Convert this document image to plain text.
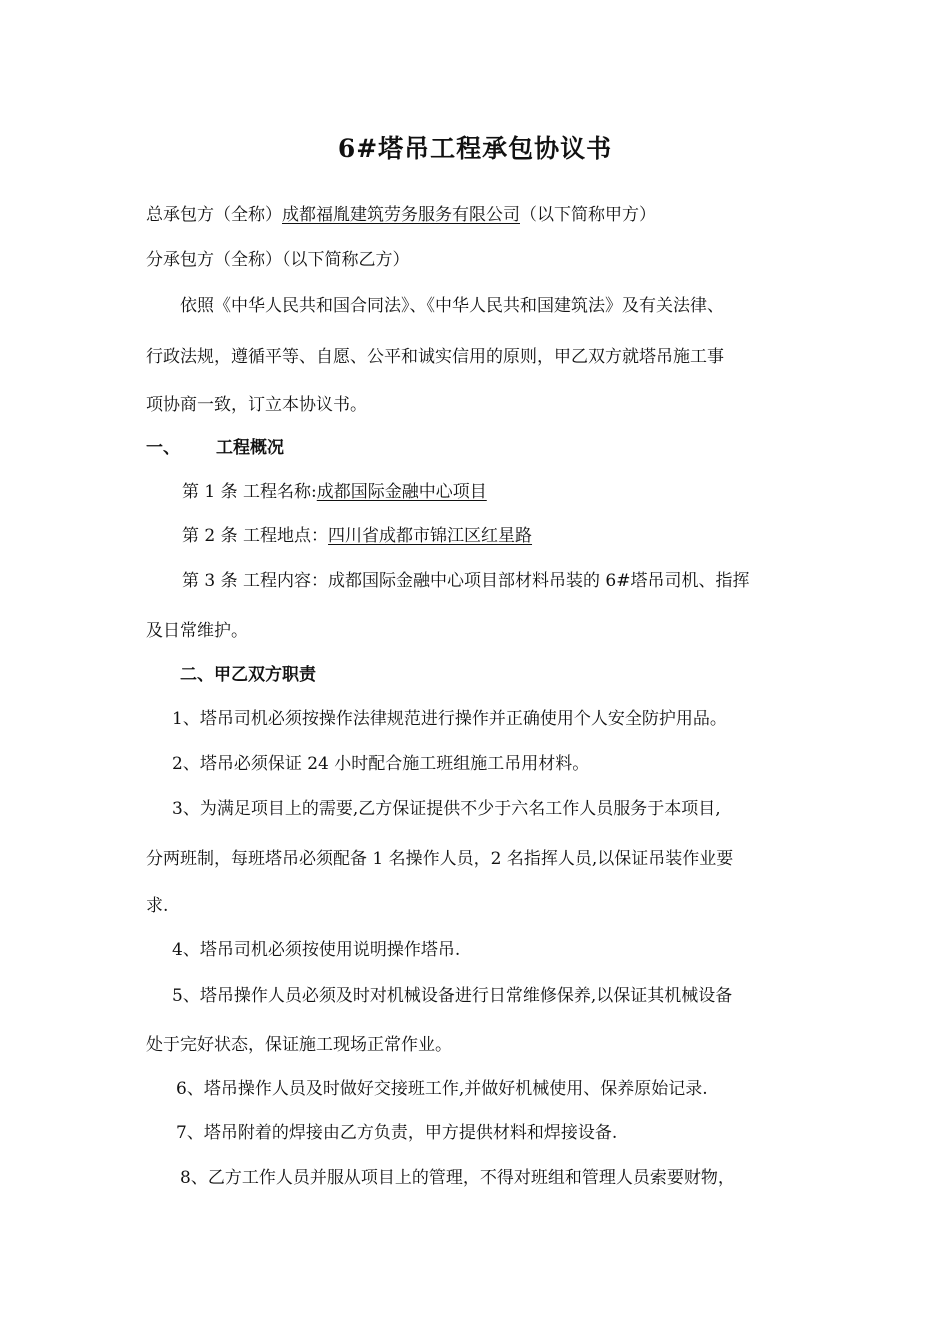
6#塔吊工程承包协议书
总承包方（全称）成都福胤建筑劳务服务有限公司（以下简称甲方）
分承包方（全称）（以下简称乙方）
依照《中华人民共和国合同法》、《中华人民共和国建筑法》及有关法律、
行政法规，遵循平等、自愿、公平和诚实信用的原则，甲乙双方就塔吊施工事
项协商一致，订立本协议书。
一、 工程概况
第 1 条 工程名称:成都国际金融中心项目
第 2 条 工程地点：四川省成都市锦江区红星路
第 3 条 工程内容：成都国际金融中心项目部材料吊装的 6#塔吊司机、指挥
及日常维护。
二、甲乙双方职责
1、塔吊司机必须按操作法律规范进行操作并正确使用个人安全防护用品。
2、塔吊必须保证 24 小时配合施工班组施工吊用材料。
3、为满足项目上的需要,乙方保证提供不少于六名工作人员服务于本项目,
分两班制，每班塔吊必须配备 1 名操作人员，2 名指挥人员,以保证吊装作业要
求.
4、塔吊司机必须按使用说明操作塔吊.
5、塔吊操作人员必须及时对机械设备进行日常维修保养,以保证其机械设备
处于完好状态，保证施工现场正常作业。
6、塔吊操作人员及时做好交接班工作,并做好机械使用、保养原始记录.
7、塔吊附着的焊接由乙方负责，甲方提供材料和焊接设备.
8、乙方工作人员并服从项目上的管理，不得对班组和管理人员索要财物，
